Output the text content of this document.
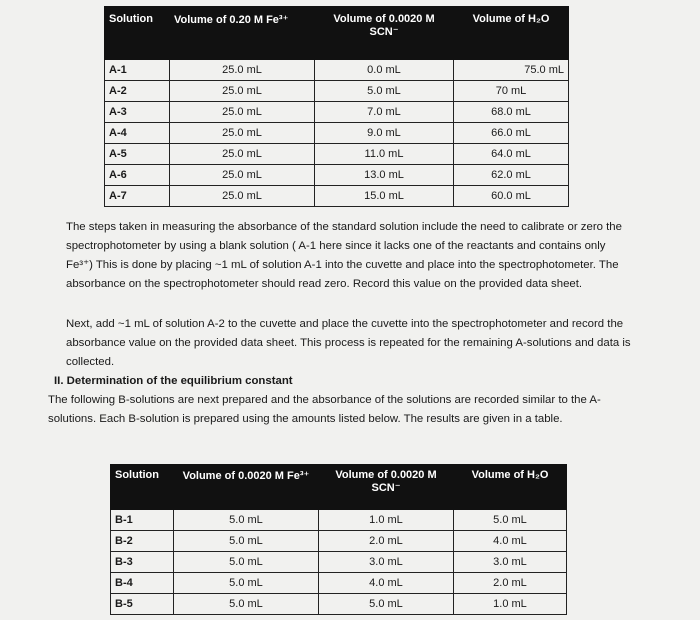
Solution	Volume of 0.20 M Fe³⁺	Volume of 0.0020 M SCN⁻	Volume of H₂O
A-1	25.0 mL	0.0 mL	75.0 mL
A-2	25.0 mL	5.0 mL	70 mL
A-3	25.0 mL	7.0 mL	68.0 mL
A-4	25.0 mL	9.0 mL	66.0 mL
A-5	25.0 mL	11.0 mL	64.0 mL
A-6	25.0 mL	13.0 mL	62.0 mL
A-7	25.0 mL	15.0 mL	60.0 mL

The steps taken in measuring the absorbance of the standard solution include the need to calibrate or zero the spectrophotometer by using a blank solution ( A-1 here since it lacks one of the reactants and contains only Fe³⁺) This is done by placing ~1 mL of solution A-1 into the cuvette and place into the spectrophotometer. The absorbance on the spectrophotometer should read zero. Record this value on the provided data sheet.

Next, add ~1 mL of solution A-2 to the cuvette and place the cuvette into the spectrophotometer and record the absorbance value on the provided data sheet. This process is repeated for the remaining A-solutions and data is collected.

II. Determination of the equilibrium constant

The following B-solutions are next prepared and the absorbance of the solutions are recorded similar to the A-solutions. Each B-solution is prepared using the amounts listed below. The results are given in a table.

Solution	Volume of 0.0020 M Fe³⁺	Volume of 0.0020 M SCN⁻	Volume of H₂O
B-1	5.0 mL	1.0 mL	5.0 mL
B-2	5.0 mL	2.0 mL	4.0 mL
B-3	5.0 mL	3.0 mL	3.0 mL
B-4	5.0 mL	4.0 mL	2.0 mL
B-5	5.0 mL	5.0 mL	1.0 mL
